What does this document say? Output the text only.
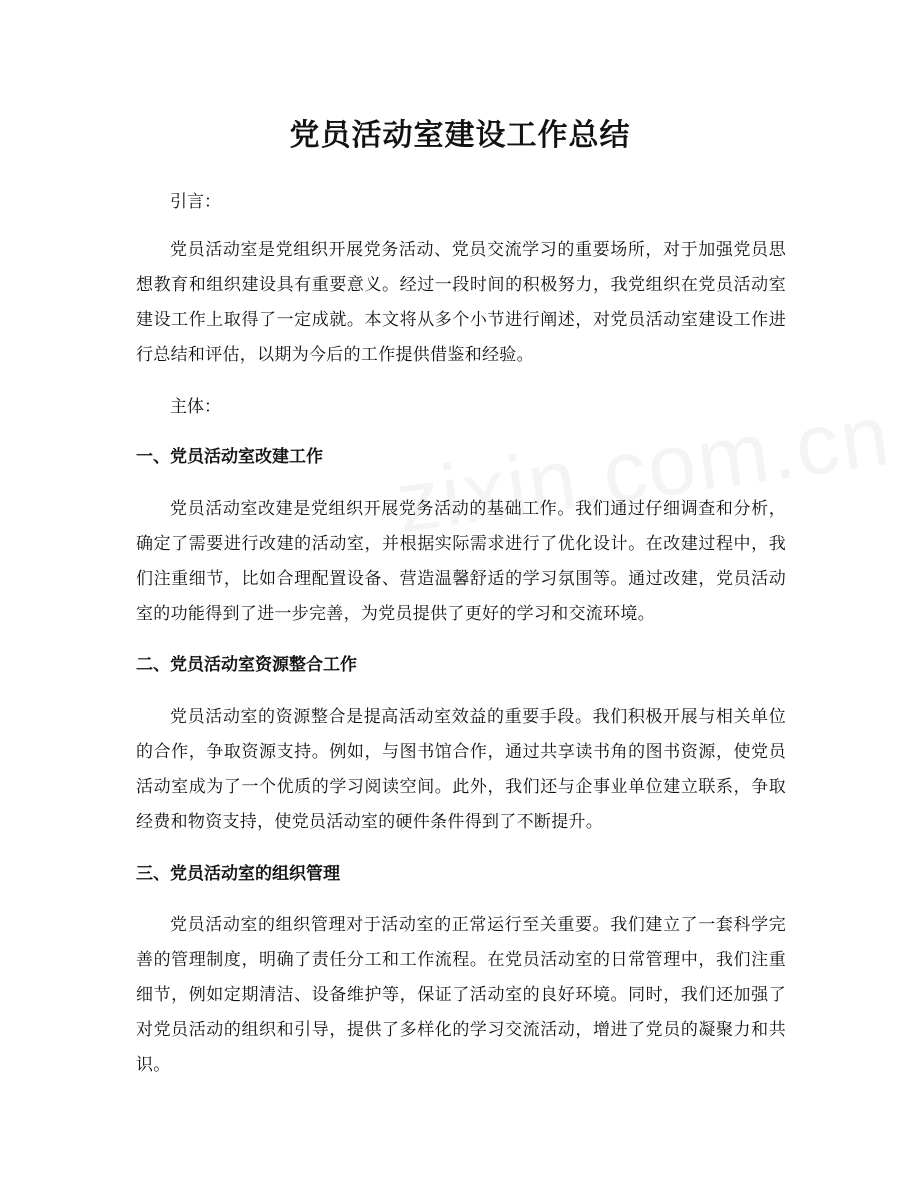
党员活动室建设工作总结
引言：
党员活动室是党组织开展党务活动、党员交流学习的重要场所，对于加强党员思想教育和组织建设具有重要意义。经过一段时间的积极努力，我党组织在党员活动室建设工作上取得了一定成就。本文将从多个小节进行阐述，对党员活动室建设工作进行总结和评估，以期为今后的工作提供借鉴和经验。
主体：
一、党员活动室改建工作
党员活动室改建是党组织开展党务活动的基础工作。我们通过仔细调查和分析，确定了需要进行改建的活动室，并根据实际需求进行了优化设计。在改建过程中，我们注重细节，比如合理配置设备、营造温馨舒适的学习氛围等。通过改建，党员活动室的功能得到了进一步完善，为党员提供了更好的学习和交流环境。
二、党员活动室资源整合工作
党员活动室的资源整合是提高活动室效益的重要手段。我们积极开展与相关单位的合作，争取资源支持。例如，与图书馆合作，通过共享读书角的图书资源，使党员活动室成为了一个优质的学习阅读空间。此外，我们还与企事业单位建立联系，争取经费和物资支持，使党员活动室的硬件条件得到了不断提升。
三、党员活动室的组织管理
党员活动室的组织管理对于活动室的正常运行至关重要。我们建立了一套科学完善的管理制度，明确了责任分工和工作流程。在党员活动室的日常管理中，我们注重细节，例如定期清洁、设备维护等，保证了活动室的良好环境。同时，我们还加强了对党员活动的组织和引导，提供了多样化的学习交流活动，增进了党员的凝聚力和共识。
